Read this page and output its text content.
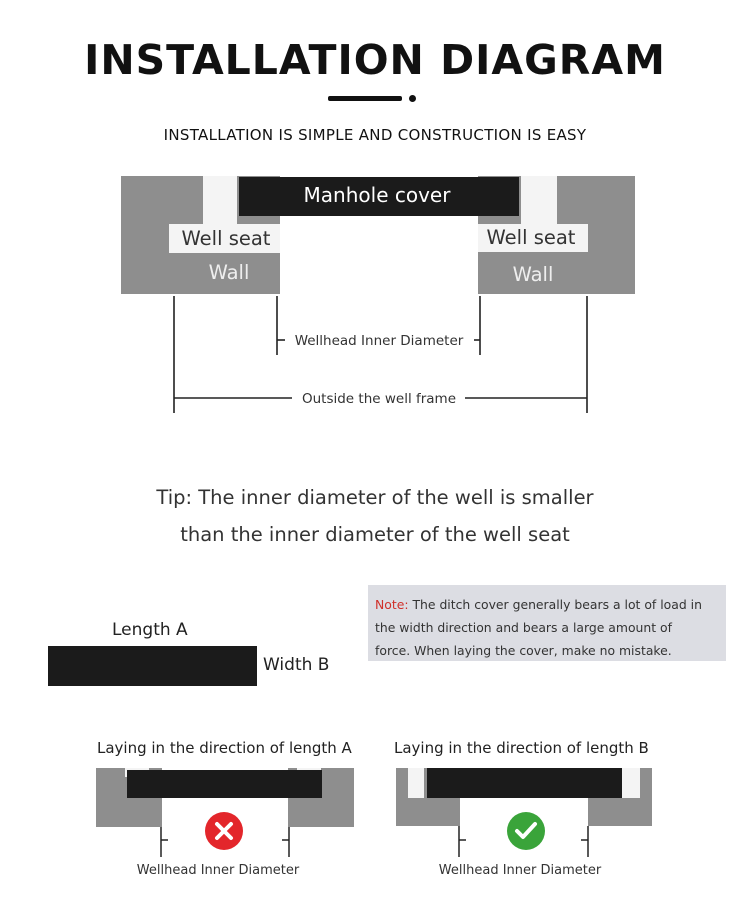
INSTALLATION DIAGRAM
INSTALLATION IS SIMPLE AND CONSTRUCTION IS EASY
Manhole cover
Well seat	Well seat
Wall	Wall
Wellhead Inner Diameter
Outside the well frame
Tip: The inner diameter of the well is smaller
than the inner diameter of the well seat
Note: The ditch cover generally bears a lot of load in
the width direction and bears a large amount of
force. When laying the cover, make no mistake.
Length A
Width B
Laying in the direction of length A	Laying in the direction of length B
Wellhead Inner Diameter	Wellhead Inner Diameter
